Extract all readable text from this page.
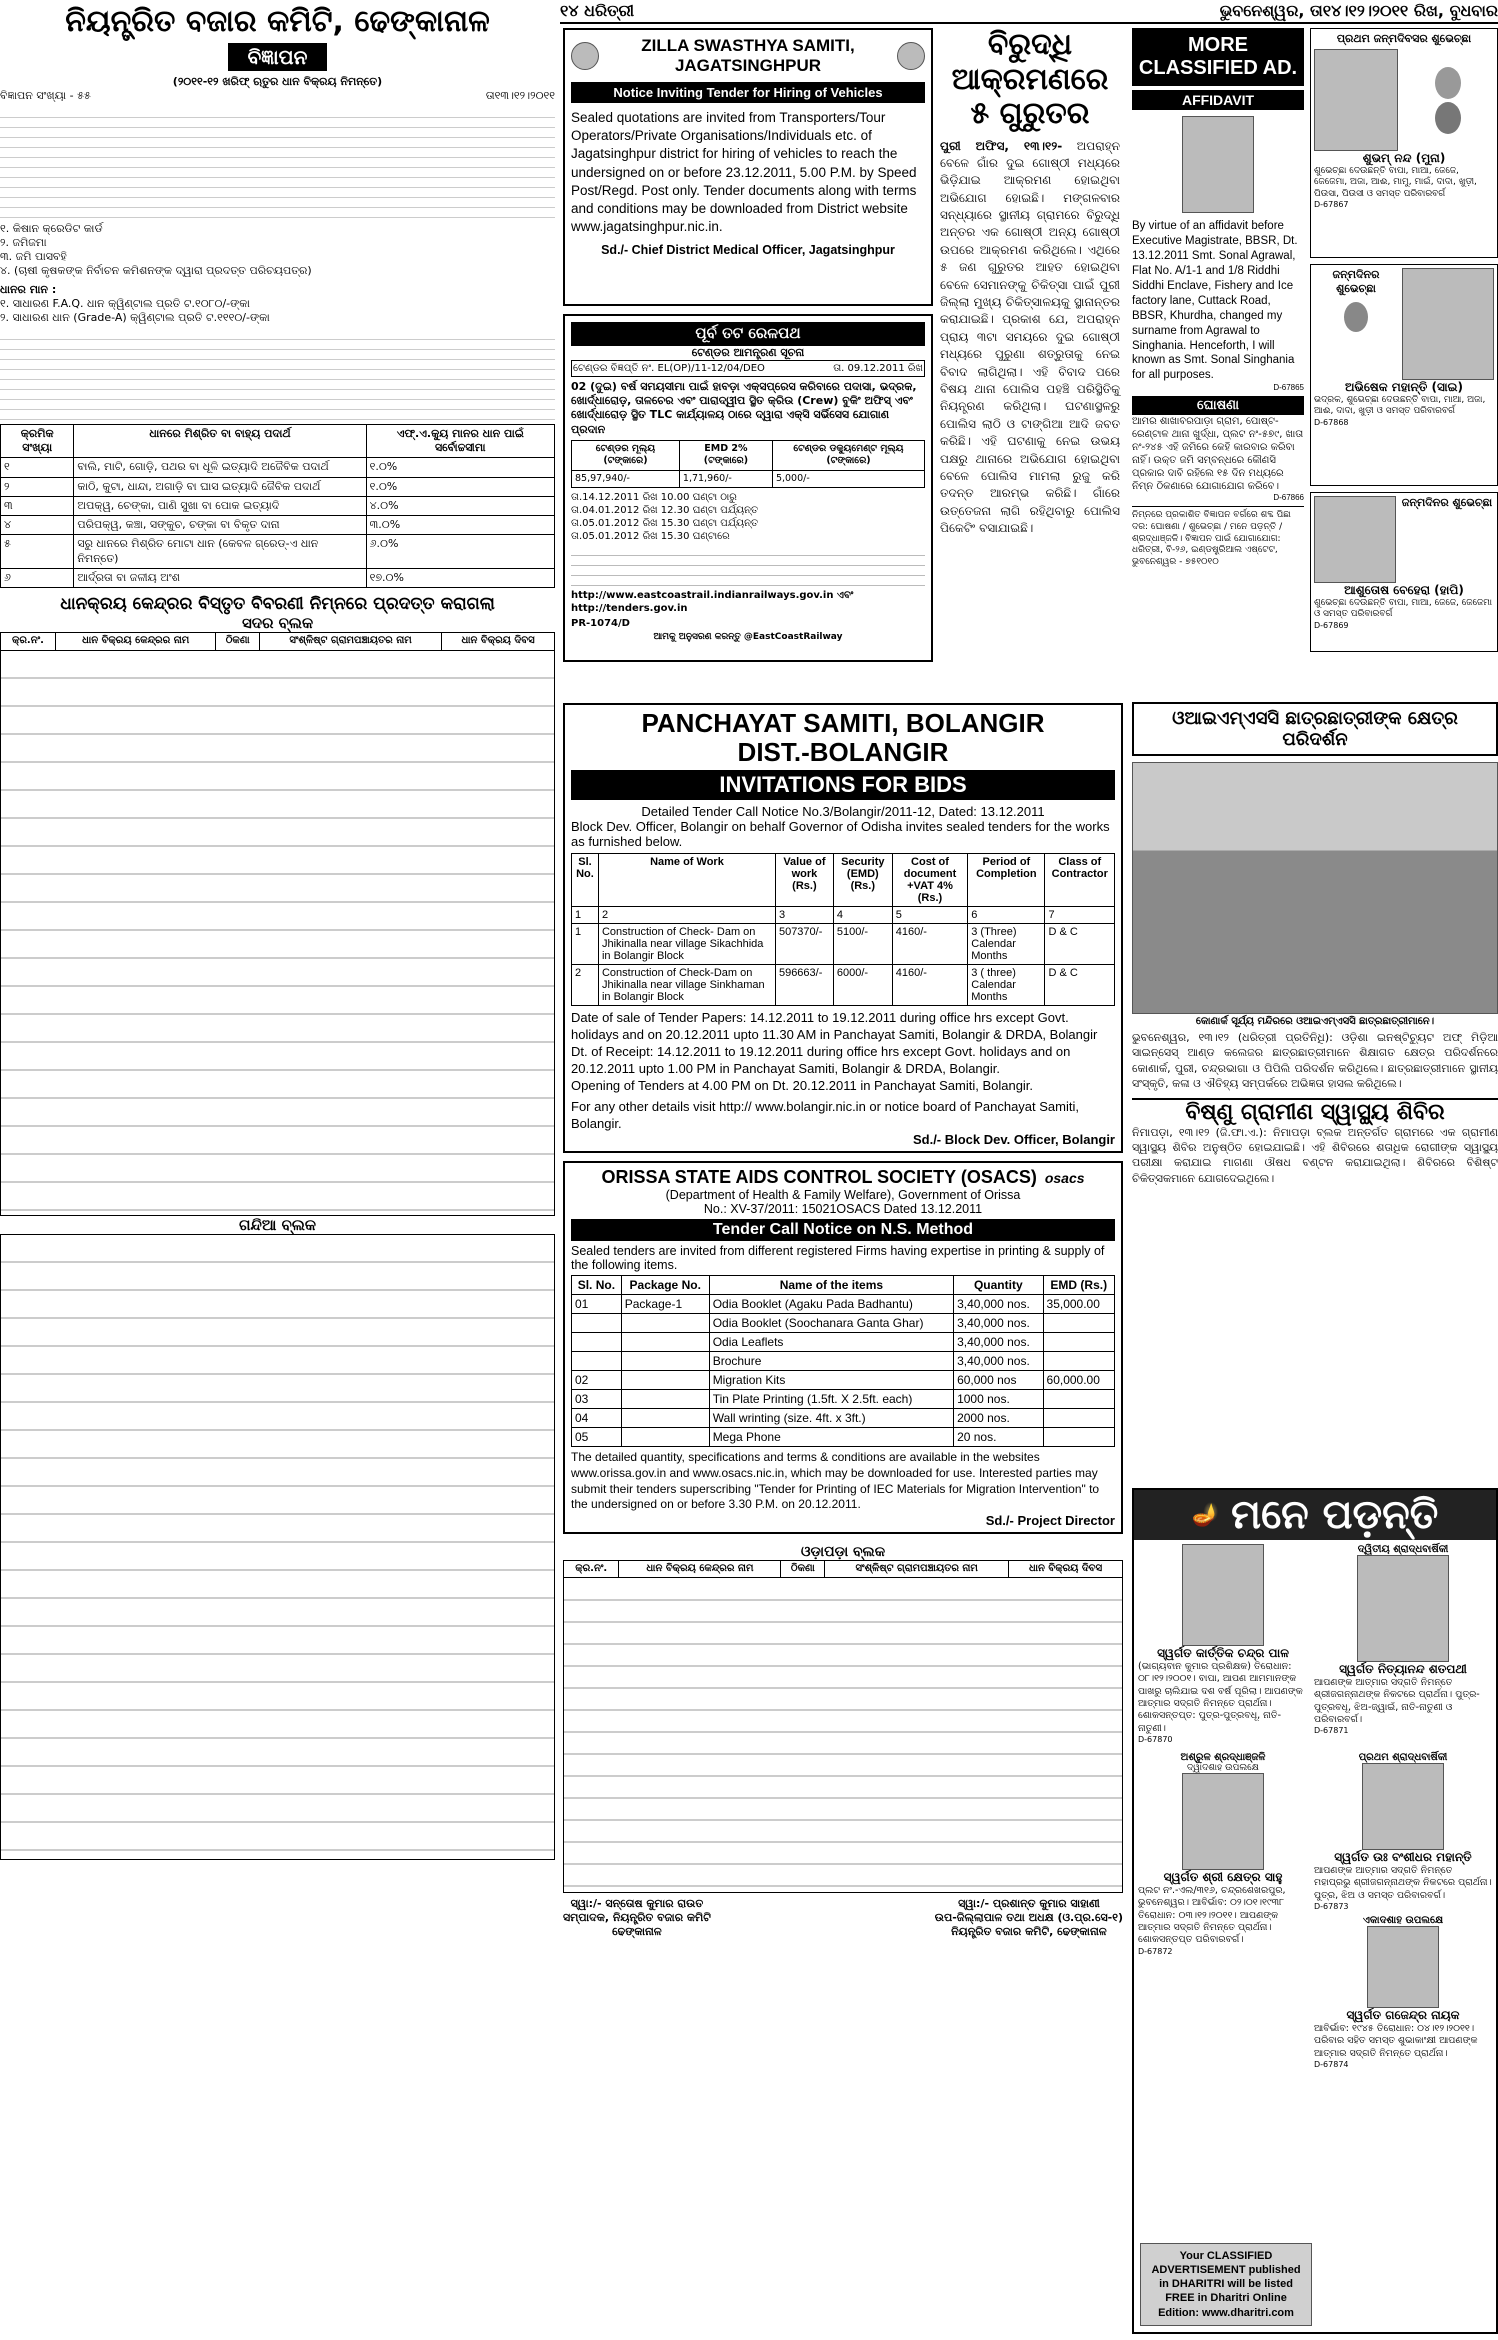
୧୪ ଧରିତ୍ରୀ	ଭୁବନେଶ୍ୱର, ତା୧୪।୧୨।୨୦୧୧ ରିଖ, ବୁଧବାର
ନିୟନ୍ତ୍ରିତ ବଜାର କମିଟି, ଢେଙ୍କାନାଳ
ବିଜ୍ଞାପନ
(୨୦୧୧-୧୨ ଖରିଫ୍ ଋତୁର ଧାନ ବିକ୍ରୟ ନିମନ୍ତେ)
ବିଜ୍ଞାପନ ସଂଖ୍ୟା - ୫୫	ତା୧୩।୧୨।୨୦୧୧
୧. କିଷାନ କ୍ରେଡିଟ କାର୍ଡ
୨. ଜମିଜମା
୩. ଜମି ପାସବହି
୪. (ଚାଷୀ କୃଷକଙ୍କ ନିର୍ବାଚନ କମିଶନଙ୍କ ଦ୍ୱାରା ପ୍ରଦତ୍ତ ପରିଚୟପତ୍ର)
ଧାନର ମାନ :
୧. ସାଧାରଣ F.A.Q. ଧାନ କ୍ୱିଣ୍ଟାଲ ପ୍ରତି ଟ.୧୦୮୦/-ଙ୍କା
୨. ସାଧାରଣ ଧାନ (Grade-A) କ୍ୱିଣ୍ଟାଲ ପ୍ରତି ଟ.୧୧୧୦/-ଙ୍କା
କ୍ରମିକ ସଂଖ୍ୟା	ଧାନରେ ମିଶ୍ରିତ ବା ବାହ୍ୟ ପଦାର୍ଥ	ଏଫ୍.ଏ.କ୍ୟୁ ମାନର ଧାନ ପାଇଁ ସର୍ବୋଚ୍ଚସୀମା
୧	ବାଲି, ମାଟି, ଗୋଡ଼ି, ପଥର ବା ଧୂଳି ଇତ୍ୟାଦି ଅଜୈବିକ ପଦାର୍ଥ	୧.୦%
୨	କାଠି, କୁଟା, ଧାନ୍ଦା, ଅଗାଡ଼ି ବା ଘାସ ଇତ୍ୟାଦି ଜୈବିକ ପଦାର୍ଥ	୧.୦%
୩	ଅପକ୍ୱ, ଚେଙ୍କା, ପାଣି ସୁଖା ବା ପୋକ ଇତ୍ୟାଦି	୪.୦%
୪	ପରିପକ୍ୱ, କଞ୍ଚା, ସଙ୍କୁଚ, ଚଙ୍କା ବା ବିକୃତ ଦାନା	୩.୦%
୫	ସରୁ ଧାନରେ ମିଶ୍ରିତ ମୋଟା ଧାନ (କେବଳ ଗ୍ରେଡ୍-ଏ ଧାନ ନିମନ୍ତେ)	୬.୦%
୬	ଆର୍ଦ୍ରତା ବା ଜଳୀୟ ଅଂଶ	୧୭.୦%
ଧାନକ୍ରୟ କେନ୍ଦ୍ରର ବିସ୍ତୃତ ବିବରଣୀ ନିମ୍ନରେ ପ୍ରଦତ୍ତ କରାଗଲା
ସଦର ବ୍ଲକ
କ୍ର.ନଂ.	ଧାନ ବିକ୍ରୟ କେନ୍ଦ୍ରର ନାମ	ଠିକଣା	ସଂଶ୍ଳିଷ୍ଟ ଗ୍ରାମପଞ୍ଚାୟତର ନାମ	ଧାନ ବିକ୍ରୟ ଦିବସ

ଗନ୍ଦିଆ ବ୍ଲକ
ZILLA SWASTHYA SAMITI, JAGATSINGHPUR
Notice Inviting Tender for Hiring of Vehicles
Sealed quotations are invited from Transporters/Tour Operators/Private Organisations/Individuals etc. of Jagatsinghpur district for hiring of vehicles to reach the undersigned on or before 23.12.2011, 5.00 P.M. by Speed Post/Regd. Post only. Tender documents along with terms and conditions may be downloaded from District website www.jagatsinghpur.nic.in.
Sd./- Chief District Medical Officer, Jagatsinghpur
ପୂର୍ବ ତଟ ରେଳପଥ
ଟେଣ୍ଡର ଆମନ୍ତ୍ରଣ ସୂଚନା
ଟେଣ୍ଡର ବିଜ୍ଞପ୍ତି ନଂ. EL(OP)/11-12/04/DEO	ତା. 09.12.2011 ରିଖ
02 (ଦୁଇ) ବର୍ଷ ସମୟସୀମା ପାଇଁ ହାବଡ଼ା ଏକ୍ସପ୍ରେସ କରିବାରେ ପଦାସା, ଭଦ୍ରକ, ଖୋର୍ଦ୍ଧାରୋଡ଼, ତାଳଚେର ଏବଂ ପାରାଦ୍ୱୀପ ସ୍ଥିତ କ୍ରିଉ (Crew) ବୁକିଂ ଅଫିସ୍ ଏବଂ ଖୋର୍ଦ୍ଧାରୋଡ଼ ସ୍ଥିତ TLC କାର୍ଯ୍ୟାଳୟ ଠାରେ ଦ୍ୱାରା ଏକ୍ସି ସର୍ଭିସେସ ଯୋଗାଣ ପ୍ରଦାନ
ଟେଣ୍ଡର ମୂଲ୍ୟ (ଟଙ୍କାରେ)	EMD 2% (ଟଙ୍କାରେ)	ଟେଣ୍ଡର ଡକ୍ୟୁମେଣ୍ଟ ମୂଲ୍ୟ (ଟଙ୍କାରେ)
85,97,940/-	1,71,960/-	5,000/-
ତା.14.12.2011 ରିଖ 10.00 ଘଣ୍ଟା ଠାରୁ
ତା.04.01.2012 ରିଖ 12.30 ଘଣ୍ଟା ପର୍ଯ୍ୟନ୍ତ
ତା.05.01.2012 ରିଖ 15.30 ଘଣ୍ଟା ପର୍ଯ୍ୟନ୍ତ
ତା.05.01.2012 ରିଖ 15.30 ଘଣ୍ଟାରେ
http://www.eastcoastrail.indianrailways.gov.in ଏବଂ http://tenders.gov.in
PR-1074/D
ଆମକୁ ଅନୁସରଣ କରନ୍ତୁ @EastCoastRailway
ବିରୁଦ୍ଧି ଆକ୍ରମଣରେ ୫ ଗୁରୁତର
ପୁରୀ ଅଫିସ, ୧୩।୧୨- ଅପରାହ୍ନ ବେଳେ ଗାଁର ଦୁଇ ଗୋଷ୍ଠୀ ମଧ୍ୟରେ ଭିଡ଼ିଯାଇ ଆକ୍ରମଣ ହୋଇଥିବା ଅଭିଯୋଗ ହୋଇଛି। ମଙ୍ଗଳବାର ସନ୍ଧ୍ୟାରେ ସ୍ଥାନୀୟ ଗ୍ରାମରେ ବିରୁଦ୍ଧି ଅନ୍ତର ଏକ ଗୋଷ୍ଠୀ ଅନ୍ୟ ଗୋଷ୍ଠୀ ଉପରେ ଆକ୍ରମଣ କରିଥିଲେ। ଏଥିରେ ୫ ଜଣ ଗୁରୁତର ଆହତ ହୋଇଥିବା ବେଳେ ସେମାନଙ୍କୁ ଚିକିତ୍ସା ପାଇଁ ପୁରୀ ଜିଲ୍ଲା ମୁଖ୍ୟ ଚିକିତ୍ସାଳୟକୁ ସ୍ଥାନାନ୍ତର କରାଯାଇଛି। ପ୍ରକାଶ ଯେ, ଅପରାହ୍ନ ପ୍ରାୟ ୩ଟା ସମୟରେ ଦୁଇ ଗୋଷ୍ଠୀ ମଧ୍ୟରେ ପୁରୁଣା ଶତ୍ରୁତାକୁ ନେଇ ବିବାଦ ଲାଗିଥିଲା। ଏହି ବିବାଦ ପରେ ବିଷୟ ଥାନା ପୋଲିସ ପହଞ୍ଚି ପରିସ୍ଥିତିକୁ ନିୟନ୍ତ୍ରଣ କରିଥିଲା। ଘଟଣାସ୍ଥଳରୁ ପୋଲିସ ଲାଠି ଓ ଟାଙ୍ଗିଆ ଆଦି ଜବତ କରିଛି। ଏହି ଘଟଣାକୁ ନେଇ ଉଭୟ ପକ୍ଷରୁ ଥାନାରେ ଅଭିଯୋଗ ହୋଇଥିବା ବେଳେ ପୋଲିସ ମାମଲା ରୁଜୁ କରି ତଦନ୍ତ ଆରମ୍ଭ କରିଛି। ଗାଁରେ ଉତ୍ତେଜନା ଲାଗି ରହିଥିବାରୁ ପୋଲିସ ପିକେଟିଂ ବସାଯାଇଛି।
PANCHAYAT SAMITI, BOLANGIR
DIST.-BOLANGIR
INVITATIONS FOR BIDS
Detailed Tender Call Notice No.3/Bolangir/2011-12, Dated: 13.12.2011
Block Dev. Officer, Bolangir on behalf Governor of Odisha invites sealed tenders for the works as furnished below.
Sl. No.	Name of Work	Value of work (Rs.)	Security (EMD) (Rs.)	Cost of document +VAT 4% (Rs.)	Period of Completion	Class of Contractor
1	2	3	4	5	6	7
1	Construction of Check- Dam on Jhikinalla near village Sikachhida in Bolangir Block	507370/-	5100/-	4160/-	3 (Three) Calendar Months	D & C
2	Construction of Check-Dam on Jhikinalla near village Sinkhaman in Bolangir Block	596663/-	6000/-	4160/-	3 ( three) Calendar Months	D & C
Date of sale of Tender Papers: 14.12.2011 to 19.12.2011 during office hrs except Govt. holidays and on 20.12.2011 upto 11.30 AM in Panchayat Samiti, Bolangir & DRDA, Bolangir
Dt. of Receipt: 14.12.2011 to 19.12.2011 during office hrs except Govt. holidays and on 20.12.2011 upto 1.00 PM in Panchayat Samiti, Bolangir & DRDA, Bolangir.
Opening of Tenders at 4.00 PM on Dt. 20.12.2011 in Panchayat Samiti, Bolangir.
For any other details visit http:// www.bolangir.nic.in or notice board of Panchayat Samiti, Bolangir.
Sd./- Block Dev. Officer, Bolangir
ORISSA STATE AIDS CONTROL SOCIETY (OSACS) osacs
(Department of Health & Family Welfare), Government of Orissa
No.: XV-37/2011: 15021OSACS Dated 13.12.2011
Tender Call Notice on N.S. Method
Sealed tenders are invited from different registered Firms having expertise in printing & supply of the following items.
Sl. No.	Package No.	Name of the items	Quantity	EMD (Rs.)
01	Package-1	Odia Booklet (Agaku Pada Badhantu)	3,40,000 nos.	35,000.00
		Odia Booklet (Soochanara Ganta Ghar)	3,40,000 nos.	
		Odia Leaflets	3,40,000 nos.	
		Brochure	3,40,000 nos.	
02		Migration Kits	60,000 nos	60,000.00
03		Tin Plate Printing (1.5ft. X 2.5ft. each)	1000 nos.	
04		Wall wrinting (size. 4ft. x 3ft.)	2000 nos.	
05		Mega Phone	20 nos.	
The detailed quantity, specifications and terms & conditions are available in the websites www.orissa.gov.in and www.osacs.nic.in, which may be downloaded for use. Interested parties may submit their tenders superscribing "Tender for Printing of IEC Materials for Migration Intervention" to the undersigned on or before 3.30 P.M. on 20.12.2011.
Sd./- Project Director
ଓଡ଼ାପଡ଼ା ବ୍ଲକ
କ୍ର.ନଂ.	ଧାନ ବିକ୍ରୟ କେନ୍ଦ୍ରର ନାମ	ଠିକଣା	ସଂଶ୍ଳିଷ୍ଟ ଗ୍ରାମପଞ୍ଚାୟତର ନାମ	ଧାନ ବିକ୍ରୟ ଦିବସ

ସ୍ୱା:/- ସନ୍ତୋଷ କୁମାର ରାଉତ
ସମ୍ପାଦକ, ନିୟନ୍ତ୍ରିତ ବଜାର କମିଟି
ଢେଙ୍କାନାଳ
ସ୍ୱା:/- ପ୍ରଶାନ୍ତ କୁମାର ସାହାଣୀ
ଉପ-ଜିଲ୍ଲାପାଳ ତଥା ଅଧକ୍ଷ (ଓ.ପ୍ର.ସେ-୧)
ନିୟନ୍ତ୍ରିତ ବଜାର କମିଟି, ଢେଙ୍କାନାଳ
MORE CLASSIFIED AD.
AFFIDAVIT
By virtue of an affidavit before Executive Magistrate, BBSR, Dt. 13.12.2011 Smt. Sonal Agrawal, Flat No. A/1-1 and 1/8 Riddhi Siddhi Enclave, Fishery and Ice factory lane, Cuttack Road, BBSR, Khurdha, changed my surname from Agrawal to Singhania. Henceforth, I will known as Smt. Sonal Singhania for all purposes.
D-67865
ଘୋଷଣା
ଆମର ଶାଖାବରପାଡ଼ା ଗ୍ରାମ, ପୋଷ୍ଟ-ରେଣ୍ଟାଳ ଥାନା ଖୁର୍ଦ୍ଧା, ପ୍ଲଟ ନଂ-୫୭୯, ଖାତା ନଂ-୨୪୫ ଏହି ଜମିରେ କେହି କାରବାର କରିବା ନାହିଁ। ଉକ୍ତ ଜମି ସମ୍ବନ୍ଧରେ କୌଣସି ପ୍ରକାର ଦାବି ରହିଲେ ୧୫ ଦିନ ମଧ୍ୟରେ ନିମ୍ନ ଠିକଣାରେ ଯୋଗାଯୋଗ କରିବେ।
D-67866
ନିମ୍ନରେ ପ୍ରକାଶିତ ବିଜ୍ଞାପନ ବର୍ଗରେ ଶବ୍ଦ ପିଛା ଦର: ଘୋଷଣା / ଶୁଭେଚ୍ଛା / ମନେ ପଡ଼ନ୍ତି / ଶ୍ରଦ୍ଧାଞ୍ଜଳି। ବିଜ୍ଞାପନ ପାଇଁ ଯୋଗାଯୋଗ: ଧରିତ୍ରୀ, ବି-୨୬, ଇଣ୍ଡଷ୍ଟ୍ରିଆଲ ଏଷ୍ଟେଟ, ଭୁବନେଶ୍ୱର - ୭୫୧୦୧୦
ପ୍ରଥମ ଜନ୍ମଦିବସର ଶୁଭେଚ୍ଛା
ଶୁଭମ୍ ନନ୍ଦ (ମୁନା)
ଶୁଭେଚ୍ଛା ଦେଉଛନ୍ତି ବାପା, ମାଆ, ଜେଜେ, ଜେଜେମା, ଅଜା, ଆଈ, ମାମୁ, ମାଇଁ, ଦାଦା, ଖୁଡ଼ୀ, ପିଉସା, ପିଉସୀ ଓ ସମସ୍ତ ପରିବାରବର୍ଗ
D-67867
ଜନ୍ମଦିନର ଶୁଭେଚ୍ଛା
ଅଭିଷେକ ମହାନ୍ତି (ସାଇ)
ଭଦ୍ରକ, ଶୁଭେଚ୍ଛା ଦେଉଛନ୍ତି ବାପା, ମାଆ, ଅଜା, ଆଈ, ଦାଦା, ଖୁଡ଼ୀ ଓ ସମସ୍ତ ପରିବାରବର୍ଗ
D-67868
ଜନ୍ମଦିନର ଶୁଭେଚ୍ଛା
ଆଶୁତୋଷ ବେହେରା (ହାପି)
ଶୁଭେଚ୍ଛା ଦେଉଛନ୍ତି ବାପା, ମାଆ, ଜେଜେ, ଜେଜେମା ଓ ସମସ୍ତ ପରିବାରବର୍ଗ
D-67869
ଓଆଇଏମ୍ଏସସି ଛାତ୍ରଛାତ୍ରୀଙ୍କ କ୍ଷେତ୍ର ପରିଦର୍ଶନ
କୋଣାର୍କ ସୂର୍ଯ୍ୟ ମନ୍ଦିରରେ ଓଆଇଏମ୍ଏସସି ଛାତ୍ରଛାତ୍ରୀମାନେ।
ଭୁବନେଶ୍ୱର, ୧୩।୧୨ (ଧରିତ୍ରୀ ପ୍ରତିନିଧି): ଓଡ଼ିଶା ଇନଷ୍ଟିଚ୍ୟୁଟ ଅଫ୍ ମିଡ଼ିଆ ସାଇନ୍ସେସ୍ ଆଣ୍ଡ କଲେଜର ଛାତ୍ରଛାତ୍ରୀମାନେ ଶିକ୍ଷାଗତ କ୍ଷେତ୍ର ପରିଦର୍ଶନରେ କୋଣାର୍କ, ପୁରୀ, ଚନ୍ଦ୍ରଭାଗା ଓ ପିପିଲି ପରିଦର୍ଶନ କରିଥିଲେ। ଛାତ୍ରଛାତ୍ରୀମାନେ ସ୍ଥାନୀୟ ସଂସ୍କୃତି, କଳା ଓ ଐତିହ୍ୟ ସମ୍ପର୍କରେ ଅଭିଜ୍ଞତା ହାସଲ କରିଥିଲେ।
ବିଷ୍ଣୁ ଗ୍ରାମୀଣ ସ୍ୱାସ୍ଥ୍ୟ ଶିବିର
ନିମାପଡ଼ା, ୧୩।୧୨ (ଜି.ଫା.ଏ.): ନିମାପଡ଼ା ବ୍ଲକ ଅନ୍ତର୍ଗତ ଗ୍ରାମରେ ଏକ ଗ୍ରାମୀଣ ସ୍ୱାସ୍ଥ୍ୟ ଶିବିର ଅନୁଷ୍ଠିତ ହୋଇଯାଇଛି। ଏହି ଶିବିରରେ ଶତାଧିକ ରୋଗୀଙ୍କ ସ୍ୱାସ୍ଥ୍ୟ ପରୀକ୍ଷା କରାଯାଇ ମାଗଣା ଔଷଧ ବଣ୍ଟନ କରାଯାଇଥିଲା। ଶିବିରରେ ବିଶିଷ୍ଟ ଚିକିତ୍ସକମାନେ ଯୋଗଦେଇଥିଲେ।
🪔 ମନେ ପଡ଼ନ୍ତି
ସ୍ୱର୍ଗତ କାର୍ତ୍ତିକ ଚନ୍ଦ୍ର ପାଳ
(ଭାଗ୍ୟବାନ କୁମାର ପ୍ରଶିକ୍ଷକ) ତିରୋଧାନ: ୦୮।୧୨।୨୦୦୧। ବାପା, ଆପଣ ଆମମାନଙ୍କ ପାଖରୁ ଚାଲିଯାଇ ଦଶ ବର୍ଷ ପୂରିଲା। ଆପଣଙ୍କ ଆତ୍ମାର ସଦ୍ଗତି ନିମନ୍ତେ ପ୍ରାର୍ଥନା। ଶୋକସନ୍ତପ୍ତ: ପୁତ୍ର-ପୁତ୍ରବଧୂ, ନାତି-ନାତୁଣୀ।
D-67870
ଦ୍ୱିତୀୟ ଶ୍ରାଦ୍ଧବାର୍ଷିକୀ
ସ୍ୱର୍ଗତ ନିତ୍ୟାନନ୍ଦ ଶତପଥୀ
ଆପଣଙ୍କ ଆତ୍ମାର ସଦ୍ଗତି ନିମନ୍ତେ ଶ୍ରୀଜଗନ୍ନାଥଙ୍କ ନିକଟରେ ପ୍ରାର୍ଥନା। ପୁତ୍ର-ପୁତ୍ରବଧୂ, ଝିଅ-ଜ୍ୱାଇଁ, ନାତି-ନାତୁଣୀ ଓ ପରିବାରବର୍ଗ।
D-67871
ଅଶ୍ରୁଳ ଶ୍ରଦ୍ଧାଞ୍ଜଳି
ଦ୍ୱାଦଶାହ ଉପଲକ୍ଷେ
ସ୍ୱର୍ଗତ ଶ୍ରୀ କ୍ଷେତ୍ର ସାହୁ
ପ୍ଲଟ ନଂ.-ଏଲ/୩୧୬, ଚନ୍ଦ୍ରଶେଖରପୁର, ଭୁବନେଶ୍ୱର। ଆବିର୍ଭାବ: ୦୨।୦୧।୧୯୩୮ ତିରୋଧାନ: ୦୩।୧୨।୨୦୧୧। ଆପଣଙ୍କ ଆତ୍ମାର ସଦ୍ଗତି ନିମନ୍ତେ ପ୍ରାର୍ଥନା। ଶୋକସନ୍ତପ୍ତ ପରିବାରବର୍ଗ।
D-67872
ପ୍ରଥମ ଶ୍ରାଦ୍ଧବାର୍ଷିକୀ
ସ୍ୱର୍ଗତ ଉଃ ବଂଶୀଧର ମହାନ୍ତି
ଆପଣଙ୍କ ଆତ୍ମାର ସଦ୍ଗତି ନିମନ୍ତେ ମହାପ୍ରଭୁ ଶ୍ରୀଜଗନ୍ନାଥଙ୍କ ନିକଟରେ ପ୍ରାର୍ଥନା। ପୁତ୍ର, ଝିଅ ଓ ସମସ୍ତ ପରିବାରବର୍ଗ।
D-67873
ଏକାଦଶାହ ଉପଲକ୍ଷେ
ସ୍ୱର୍ଗତ ଗଜେନ୍ଦ୍ର ନାୟକ
ଆବିର୍ଭାବ: ୧୯୪୫ ତିରୋଧାନ: ୦୪।୧୨।୨୦୧୧। ପରିବାର ସହିତ ସମସ୍ତ ଶୁଭାକାଂକ୍ଷୀ ଆପଣଙ୍କ ଆତ୍ମାର ସଦ୍ଗତି ନିମନ୍ତେ ପ୍ରାର୍ଥନା।
D-67874
Your CLASSIFIED ADVERTISEMENT published in DHARITRI will be listed FREE in Dharitri Online Edition: www.dharitri.com
